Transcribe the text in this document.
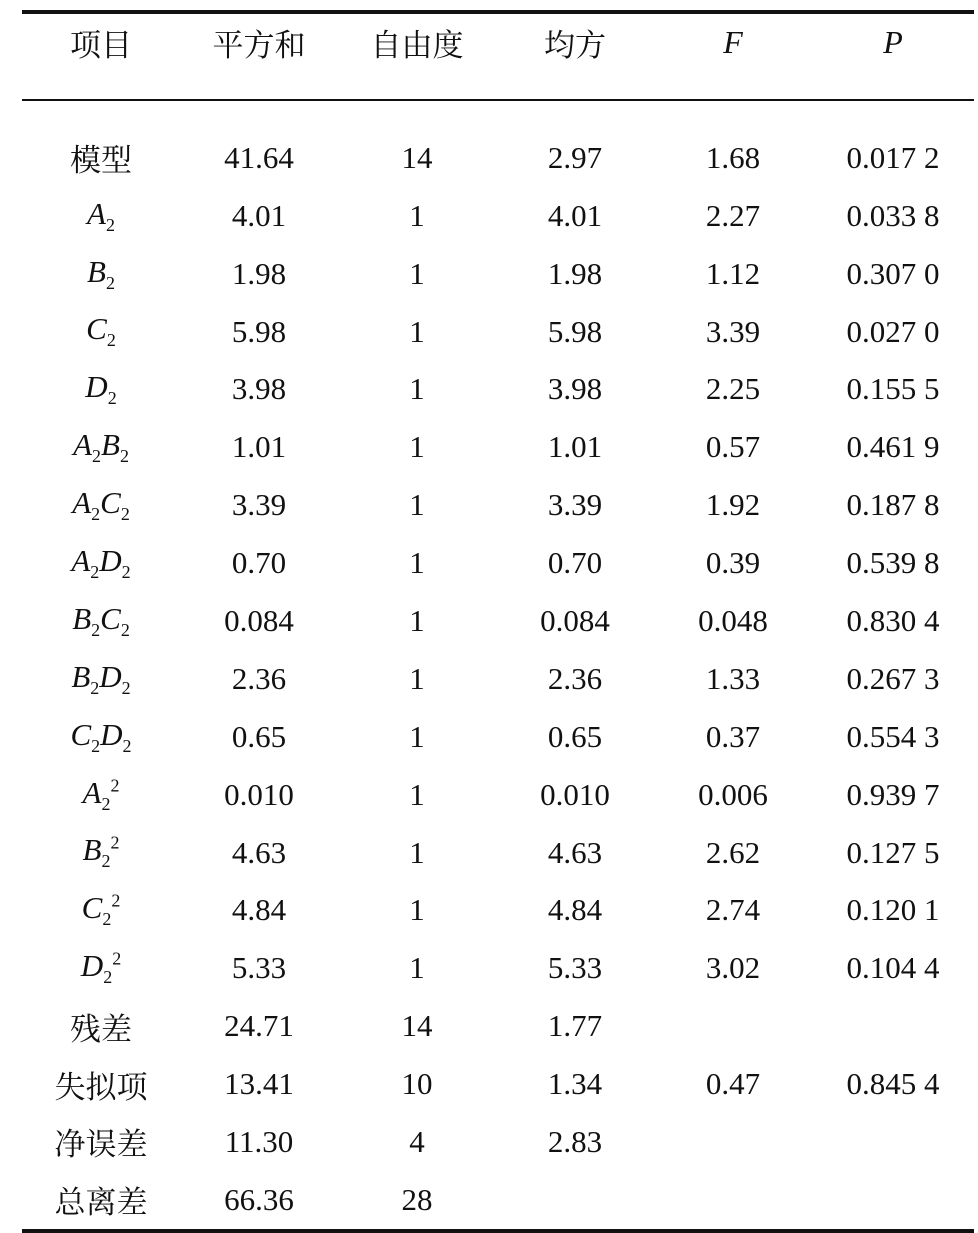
项目	平方和	自由度	均方	F	P

模型	41.64	14	2.97	1.68	0.017 2
$A_2$	4.01	1	4.01	2.27	0.033 8
$B_2$	1.98	1	1.98	1.12	0.307 0
$C_2$	5.98	1	5.98	3.39	0.027 0
$D_2$	3.98	1	3.98	2.25	0.155 5
$A_2B_2$	1.01	1	1.01	0.57	0.461 9
$A_2C_2$	3.39	1	3.39	1.92	0.187 8
$A_2D_2$	0.70	1	0.70	0.39	0.539 8
$B_2C_2$	0.084	1	0.084	0.048	0.830 4
$B_2D_2$	2.36	1	2.36	1.33	0.267 3
$C_2D_2$	0.65	1	0.65	0.37	0.554 3
$A_2^2$	0.010	1	0.010	0.006	0.939 7
$B_2^2$	4.63	1	4.63	2.62	0.127 5
$C_2^2$	4.84	1	4.84	2.74	0.120 1
$D_2^2$	5.33	1	5.33	3.02	0.104 4
残差	24.71	14	1.77		
失拟项	13.41	10	1.34	0.47	0.845 4
净误差	11.30	4	2.83		
总离差	66.36	28			
